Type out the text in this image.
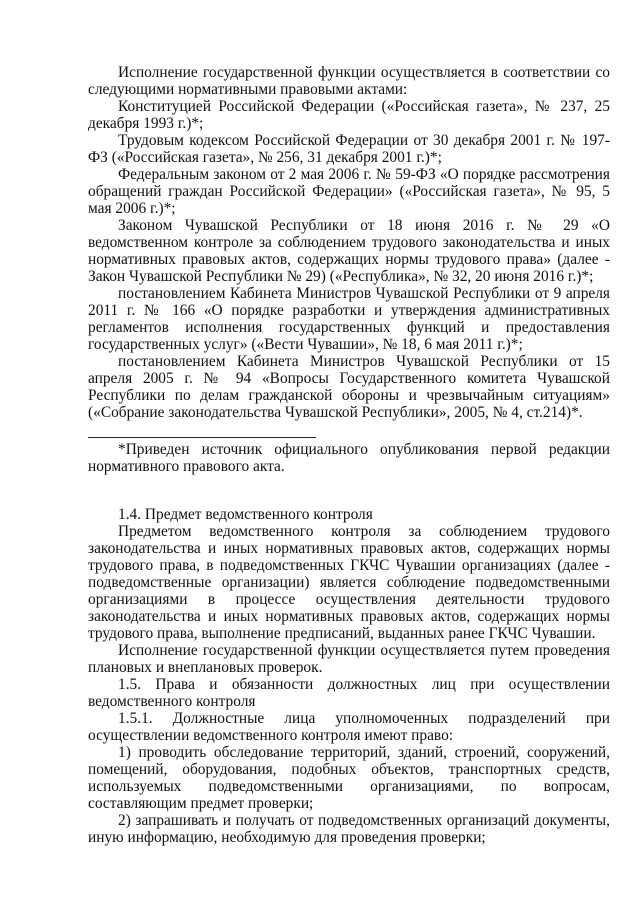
Исполнение государственной функции осуществляется в соответствии со следующими нормативными правовыми актами:

Конституцией Российской Федерации («Российская газета», № 237, 25 декабря 1993 г.)*;

Трудовым кодексом Российской Федерации от 30 декабря 2001 г. № 197-ФЗ («Российская газета», № 256, 31 декабря 2001 г.)*;

Федеральным законом от 2 мая 2006 г. № 59-ФЗ «О порядке рассмотрения обращений граждан Российской Федерации» («Российская газета», № 95, 5 мая 2006 г.)*;

Законом Чувашской Республики от 18 июня 2016 г. № 29 «О ведомственном контроле за соблюдением трудового законодательства и иных нормативных правовых актов, содержащих нормы трудового права» (далее - Закон Чувашской Республики № 29) («Республика», № 32, 20 июня 2016 г.)*;

постановлением Кабинета Министров Чувашской Республики от 9 апреля 2011 г. № 166 «О порядке разработки и утверждения административных регламентов исполнения государственных функций и предоставления государственных услуг» («Вести Чувашии», № 18, 6 мая 2011 г.)*;

постановлением Кабинета Министров Чувашской Республики от 15 апреля 2005 г. № 94 «Вопросы Государственного комитета Чувашской Республики по делам гражданской обороны и чрезвычайным ситуациям» («Собрание законодательства Чувашской Республики», 2005, № 4, ст.214)*.

*Приведен источник официального опубликования первой редакции нормативного правового акта.

1.4. Предмет ведомственного контроля

Предметом ведомственного контроля за соблюдением трудового законодательства и иных нормативных правовых актов, содержащих нормы трудового права, в подведомственных ГКЧС Чувашии организациях (далее - подведомственные организации) является соблюдение подведомственными организациями в процессе осуществления деятельности трудового законодательства и иных нормативных правовых актов, содержащих нормы трудового права, выполнение предписаний, выданных ранее ГКЧС Чувашии.

Исполнение государственной функции осуществляется путем проведения плановых и внеплановых проверок.

1.5. Права и обязанности должностных лиц при осуществлении ведомственного контроля

1.5.1. Должностные лица уполномоченных подразделений при осуществлении ведомственного контроля имеют право:

1) проводить обследование территорий, зданий, строений, сооружений, помещений, оборудования, подобных объектов, транспортных средств, используемых подведомственными организациями, по вопросам, составляющим предмет проверки;

2) запрашивать и получать от подведомственных организаций документы, иную информацию, необходимую для проведения проверки;
